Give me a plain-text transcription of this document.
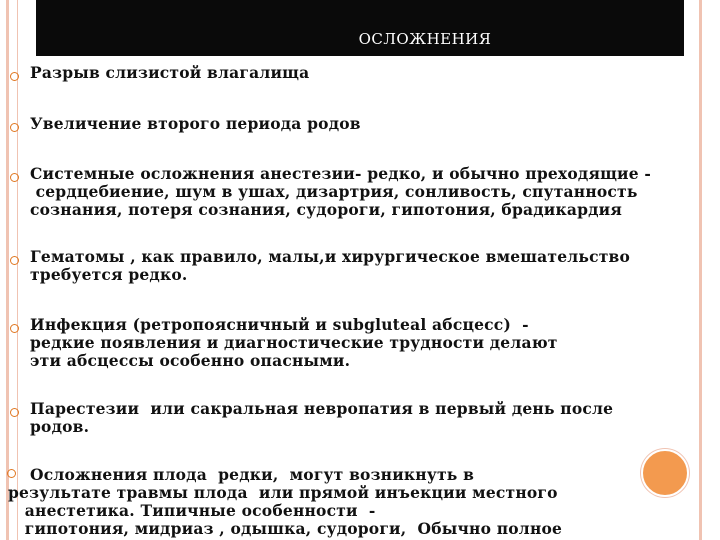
ОСЛОЖНЕНИЯ
Разрыв слизистой влагалища
Увеличение второго периода родов
Системные осложнения анестезии- редко, и обычно преходящие -
сердцебиение, шум в ушах, дизартрия, сонливость, спутанность
сознания, потеря сознания, судороги, гипотония, брадикардия
Гематомы , как правило, малы,и хирургическое вмешательство
требуется редко.
Инфекция (ретропоясничный и subgluteal абсцесс)  -
редкие появления и диагностические трудности делают
эти абсцессы особенно опасными.
Парестезии  или сакральная невропатия в первый день после
родов.
Осложнения плода  редки,  могут возникнуть в
результате травмы плода  или прямой инъекции местного
анестетика. Типичные особенности  -
гипотония, мидриаз , одышка, судороги,  Обычно полное
